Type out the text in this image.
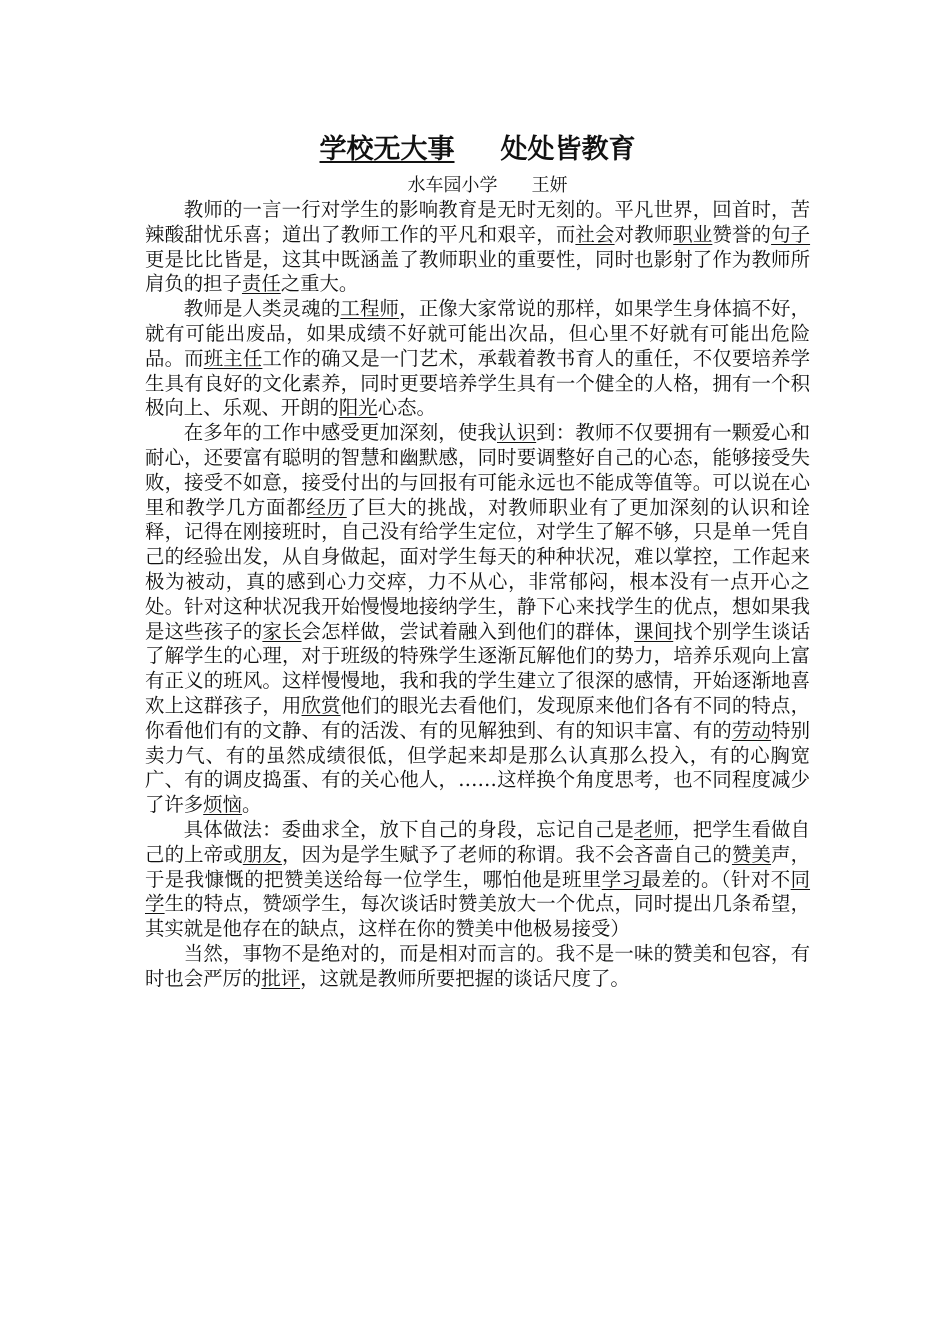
学校无大事 处处皆教育
水车园小学 王妍

教师的一言一行对学生的影响教育是无时无刻的。平凡世界，回首时，苦辣酸甜忧乐喜；道出了教师工作的平凡和艰辛，而社会对教师职业赞誉的句子更是比比皆是，这其中既涵盖了教师职业的重要性，同时也影射了作为教师所肩负的担子责任之重大。

教师是人类灵魂的工程师，正像大家常说的那样，如果学生身体搞不好，就有可能出废品，如果成绩不好就可能出次品，但心里不好就有可能出危险品。而班主任工作的确又是一门艺术，承载着教书育人的重任，不仅要培养学生具有良好的文化素养，同时更要培养学生具有一个健全的人格，拥有一个积极向上、乐观、开朗的阳光心态。

在多年的工作中感受更加深刻，使我认识到：教师不仅要拥有一颗爱心和耐心，还要富有聪明的智慧和幽默感，同时要调整好自己的心态，能够接受失败，接受不如意，接受付出的与回报有可能永远也不能成等值等。可以说在心里和教学几方面都经历了巨大的挑战，对教师职业有了更加深刻的认识和诠释，记得在刚接班时，自己没有给学生定位，对学生了解不够，只是单一凭自己的经验出发，从自身做起，面对学生每天的种种状况，难以掌控，工作起来极为被动，真的感到心力交瘁，力不从心，非常郁闷，根本没有一点开心之处。针对这种状况我开始慢慢地接纳学生，静下心来找学生的优点，想如果我是这些孩子的家长会怎样做，尝试着融入到他们的群体，课间找个别学生谈话了解学生的心理，对于班级的特殊学生逐渐瓦解他们的势力，培养乐观向上富有正义的班风。这样慢慢地，我和我的学生建立了很深的感情，开始逐渐地喜欢上这群孩子，用欣赏他们的眼光去看他们，发现原来他们各有不同的特点，你看他们有的文静、有的活泼、有的见解独到、有的知识丰富、有的劳动特别卖力气、有的虽然成绩很低，但学起来却是那么认真那么投入，有的心胸宽广、有的调皮捣蛋、有的关心他人，……这样换个角度思考，也不同程度减少了许多烦恼。

具体做法：委曲求全，放下自己的身段，忘记自己是老师，把学生看做自己的上帝或朋友，因为是学生赋予了老师的称谓。我不会吝啬自己的赞美声，于是我慷慨的把赞美送给每一位学生，哪怕他是班里学习最差的。（针对不同学生的特点，赞颂学生，每次谈话时赞美放大一个优点，同时提出几条希望，其实就是他存在的缺点，这样在你的赞美中他极易接受）

当然，事物不是绝对的，而是相对而言的。我不是一味的赞美和包容，有时也会严厉的批评，这就是教师所要把握的谈话尺度了。
